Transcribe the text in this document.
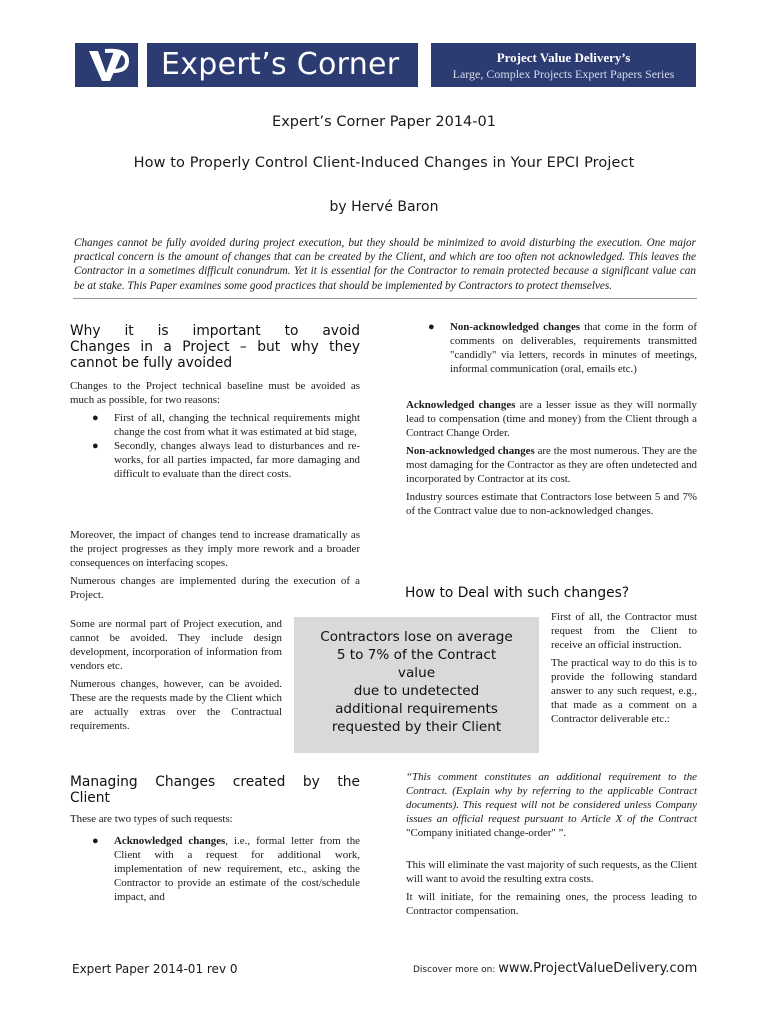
Expert’s Corner	Project Value Delivery’s
Large, Complex Projects Expert Papers Series
Expert’s Corner Paper 2014-01
How to Properly Control Client-Induced Changes in Your EPCI Project
by Hervé Baron
Changes cannot be fully avoided during project execution, but they should be minimized to avoid disturbing the execution. One major practical concern is the amount of changes that can be created by the Client, and which are too often not acknowledged. This leaves the Contractor in a sometimes difficult conundrum. Yet it is essential for the Contractor to remain protected because a significant value can be at stake. This Paper examines some good practices that should be implemented by Contractors to protect themselves.
Why it is important to avoid
Changes in a Project – but why they
cannot be fully avoided

Changes to the Project technical baseline must be avoided as much as possible, for two reasons:

● First of all, changing the technical requirements might change the cost from what it was estimated at bid stage,
● Secondly, changes always lead to disturbances and re-works, for all parties impacted, far more damaging and difficult to evaluate than the direct costs.

Moreover, the impact of changes tend to increase dramatically as the project progresses as they imply more rework and a broader consequences on interfacing scopes.

Numerous changes are implemented during the execution of a Project.

Some are normal part of Project execution, and cannot be avoided. They include design development, incorporation of information from vendors etc.

Numerous changes, however, can be avoided. These are the requests made by the Client which are actually extras over the Contractual requirements.

Contractors lose on average
5 to 7% of the Contract
value
due to undetected
additional requirements
requested by their Client
Managing Changes created by the
Client

These are two types of such requests:

● Acknowledged changes, i.e., formal letter from the Client with a request for additional work, implementation of new requirement, etc., asking the Contractor to provide an estimate of the cost/schedule impact, and
● Non-acknowledged changes that come in the form of comments on deliverables, requirements transmitted "candidly" via letters, records in minutes of meetings, informal communication (oral, emails etc.)

Acknowledged changes are a lesser issue as they will normally lead to compensation (time and money) from the Client through a Contract Change Order.

Non-acknowledged changes are the most numerous. They are the most damaging for the Contractor as they are often undetected and incorporated by Contractor at its cost.

Industry sources estimate that Contractors lose between 5 and 7% of the Contract value due to non-acknowledged changes.

How to Deal with such changes?

First of all, the Contractor must request from the Client to receive an official instruction.

The practical way to do this is to provide the following standard answer to any such request, e.g., that made as a comment on a Contractor deliverable etc.:

“This comment constitutes an additional requirement to the Contract. (Explain why by referring to the applicable Contract documents). This request will not be considered unless Company issues an official request pursuant to Article X of the Contract "Company initiated change-order" ”.

This will eliminate the vast majority of such requests, as the Client will want to avoid the resulting extra costs.

It will initiate, for the remaining ones, the process leading to Contractor compensation.

Expert Paper 2014-01 rev 0	Discover more on: www.ProjectValueDelivery.com
